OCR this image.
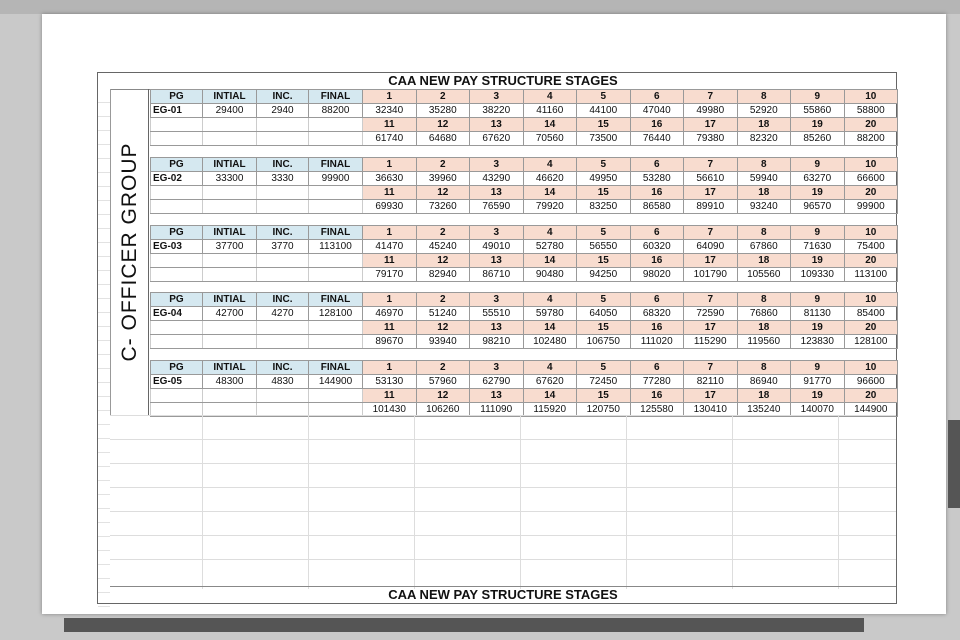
CAA NEW PAY STRUCTURE STAGES
C- OFFICER GROUP
PG	INTIAL	INC.	FINAL	1	2	3	4	5	6	7	8	9	10
EG-01	29400	2940	88200	32340	35280	38220	41160	44100	47040	49980	52920	55860	58800
				11	12	13	14	15	16	17	18	19	20
				61740	64680	67620	70560	73500	76440	79380	82320	85260	88200
PG	INTIAL	INC.	FINAL	1	2	3	4	5	6	7	8	9	10
EG-02	33300	3330	99900	36630	39960	43290	46620	49950	53280	56610	59940	63270	66600
				11	12	13	14	15	16	17	18	19	20
				69930	73260	76590	79920	83250	86580	89910	93240	96570	99900
PG	INTIAL	INC.	FINAL	1	2	3	4	5	6	7	8	9	10
EG-03	37700	3770	113100	41470	45240	49010	52780	56550	60320	64090	67860	71630	75400
				11	12	13	14	15	16	17	18	19	20
				79170	82940	86710	90480	94250	98020	101790	105560	109330	113100
PG	INTIAL	INC.	FINAL	1	2	3	4	5	6	7	8	9	10
EG-04	42700	4270	128100	46970	51240	55510	59780	64050	68320	72590	76860	81130	85400
				11	12	13	14	15	16	17	18	19	20
				89670	93940	98210	102480	106750	111020	115290	119560	123830	128100
PG	INTIAL	INC.	FINAL	1	2	3	4	5	6	7	8	9	10
EG-05	48300	4830	144900	53130	57960	62790	67620	72450	77280	82110	86940	91770	96600
				11	12	13	14	15	16	17	18	19	20
				101430	106260	111090	115920	120750	125580	130410	135240	140070	144900
CAA NEW PAY STRUCTURE STAGES
